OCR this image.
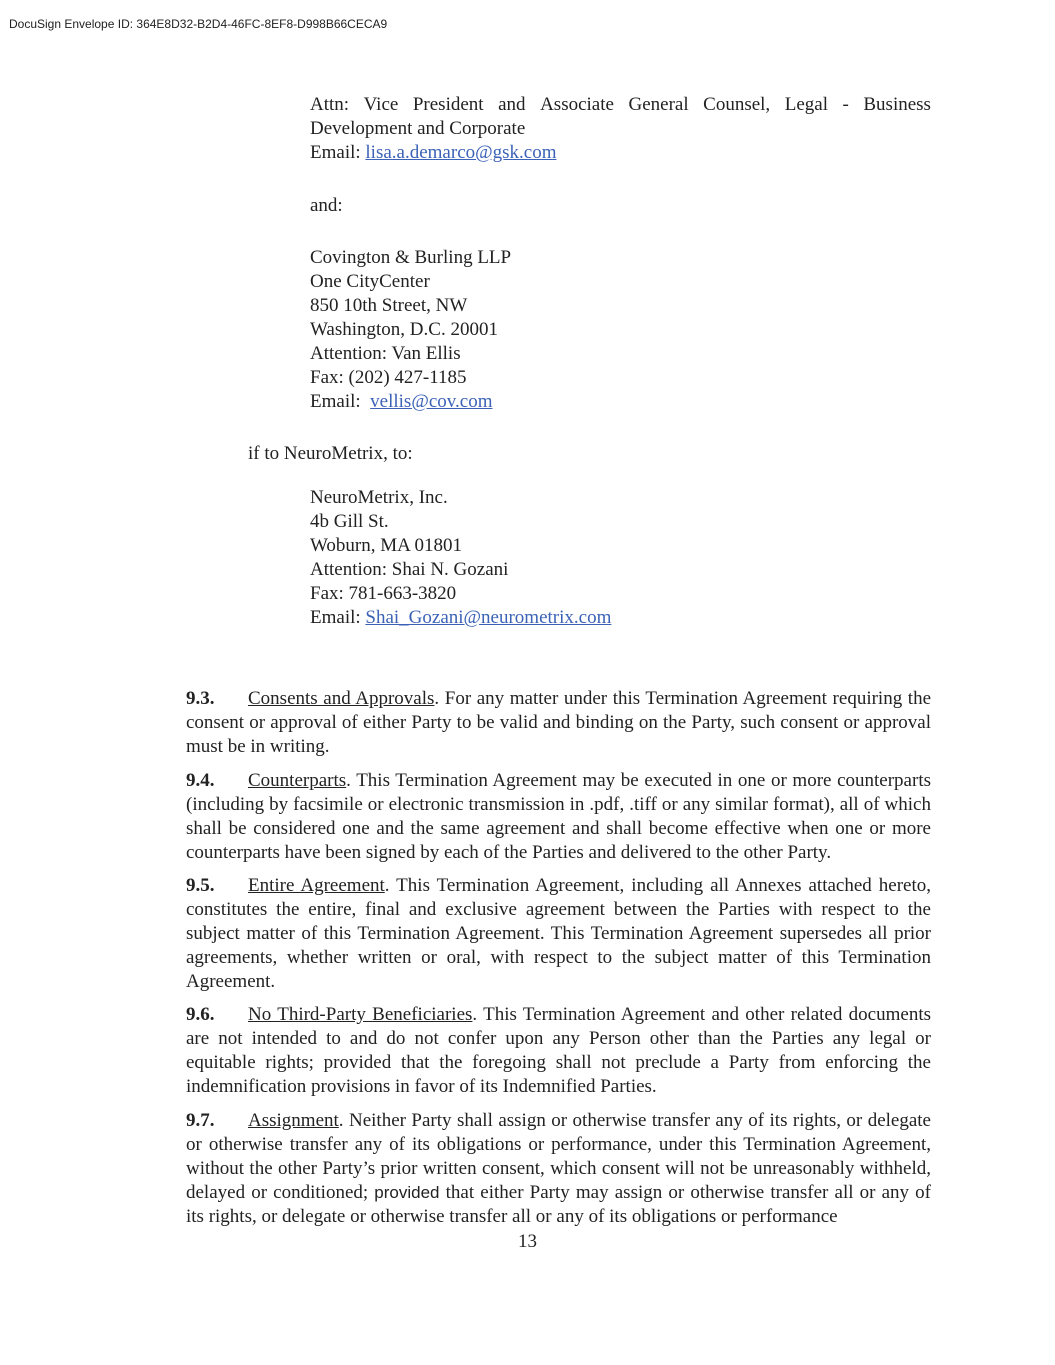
DocuSign Envelope ID: 364E8D32-B2D4-46FC-8EF8-D998B66CECA9
Attn: Vice President and Associate General Counsel, Legal - Business
Development and Corporate
Email: lisa.a.demarco@gsk.com
and:
Covington & Burling LLP
One CityCenter
850 10th Street, NW
Washington, D.C. 20001
Attention: Van Ellis
Fax: (202) 427-1185
Email: vellis@cov.com
if to NeuroMetrix, to:
NeuroMetrix, Inc.
4b Gill St.
Woburn, MA 01801
Attention: Shai N. Gozani
Fax: 781-663-3820
Email: Shai_Gozani@neurometrix.com

9.3. Consents and Approvals. For any matter under this Termination Agreement requiring the consent or approval of either Party to be valid and binding on the Party, such consent or approval must be in writing.

9.4. Counterparts. This Termination Agreement may be executed in one or more counterparts (including by facsimile or electronic transmission in .pdf, .tiff or any similar format), all of which shall be considered one and the same agreement and shall become effective when one or more counterparts have been signed by each of the Parties and delivered to the other Party.

9.5. Entire Agreement. This Termination Agreement, including all Annexes attached hereto, constitutes the entire, final and exclusive agreement between the Parties with respect to the subject matter of this Termination Agreement. This Termination Agreement supersedes all prior agreements, whether written or oral, with respect to the subject matter of this Termination Agreement.

9.6. No Third-Party Beneficiaries. This Termination Agreement and other related documents are not intended to and do not confer upon any Person other than the Parties any legal or equitable rights; provided that the foregoing shall not preclude a Party from enforcing the indemnification provisions in favor of its Indemnified Parties.

9.7. Assignment. Neither Party shall assign or otherwise transfer any of its rights, or delegate or otherwise transfer any of its obligations or performance, under this Termination Agreement, without the other Party’s prior written consent, which consent will not be unreasonably withheld, delayed or conditioned; provided that either Party may assign or otherwise transfer all or any of its rights, or delegate or otherwise transfer all or any of its obligations or performance

13
